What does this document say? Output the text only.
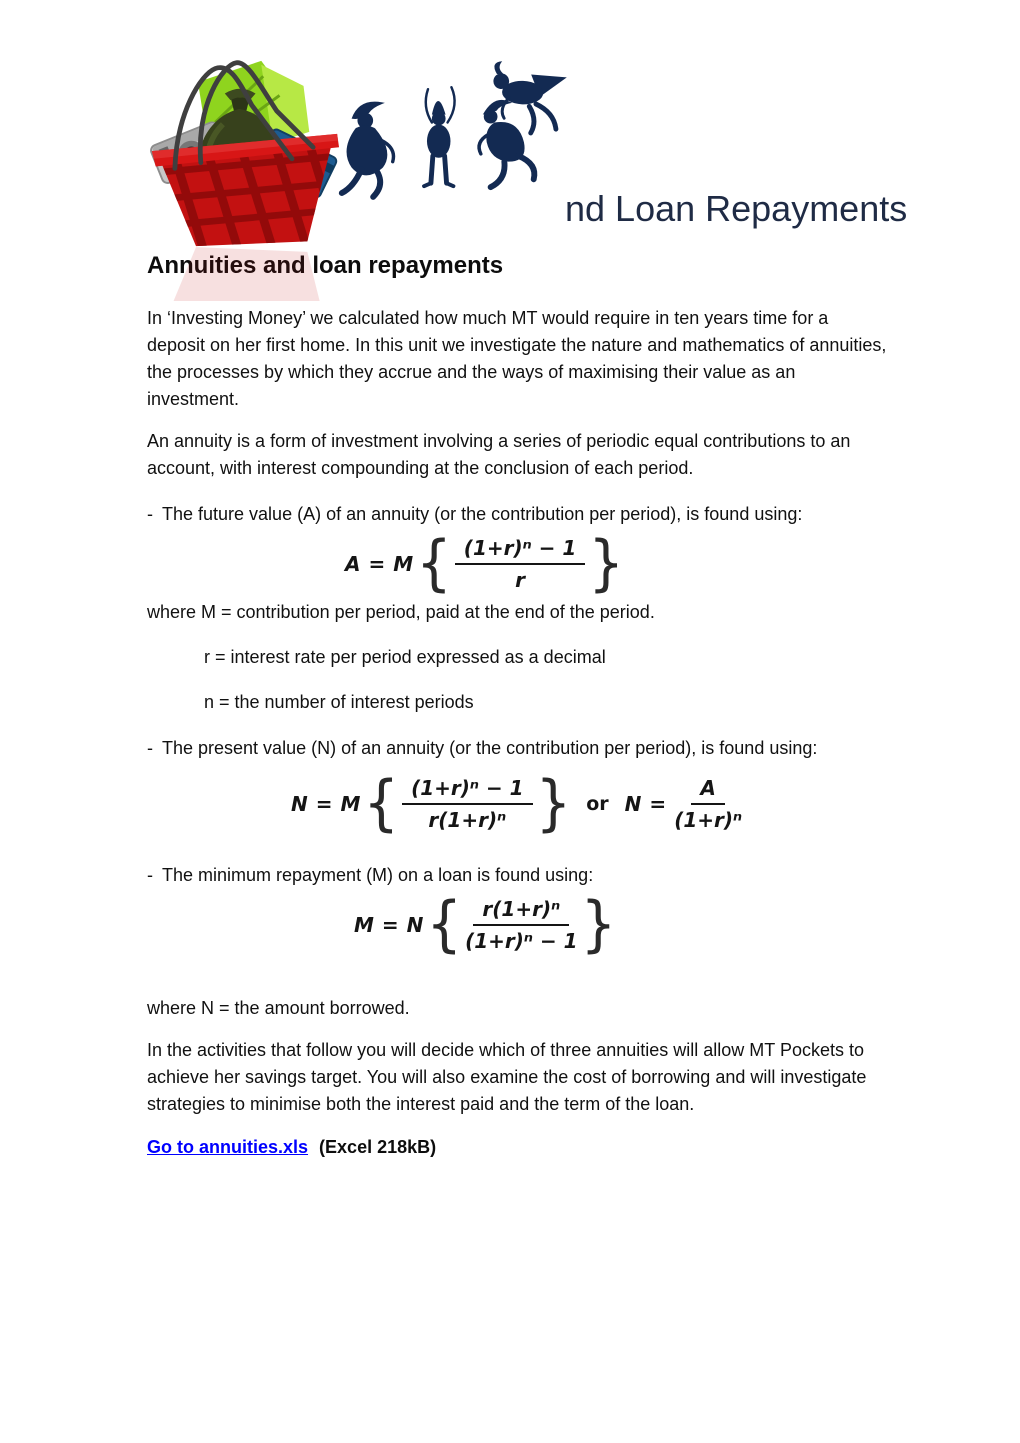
nd Loan Repayments
Annuities and loan repayments

In ‘Investing Money’ we calculated how much MT would require in ten years time for a deposit on her first home. In this unit we investigate the nature and mathematics of annuities, the processes by which they accrue and the ways of maximising their value as an investment.

An annuity is a form of investment involving a series of periodic equal contributions to an account, with interest compounding at the conclusion of each period.

- The future value (A) of an annuity (or the contribution per period), is found using:
A = M { $\frac{\text{(1+r)ⁿ − 1}}{r}$ }

where M = contribution per period, paid at the end of the period.

r = interest rate per period expressed as a decimal

n = the number of interest periods

- The present value (N) of an annuity (or the contribution per period), is found using:
N = M { $\frac{\text{(1+r)ⁿ − 1}}{\text{r(1+r)ⁿ}}$ } or $N = \frac{A}{\text{(1+r)ⁿ}}$
- The minimum repayment (M) on a loan is found using:
M = N { $\frac{\text{r(1+r)ⁿ}}{\text{(1+r)ⁿ − 1}}$ }

where N = the amount borrowed.

In the activities that follow you will decide which of three annuities will allow MT Pockets to achieve her savings target. You will also examine the cost of borrowing and will investigate strategies to minimise both the interest paid and the term of the loan.

Go to annuities.xls (Excel 218kB)
